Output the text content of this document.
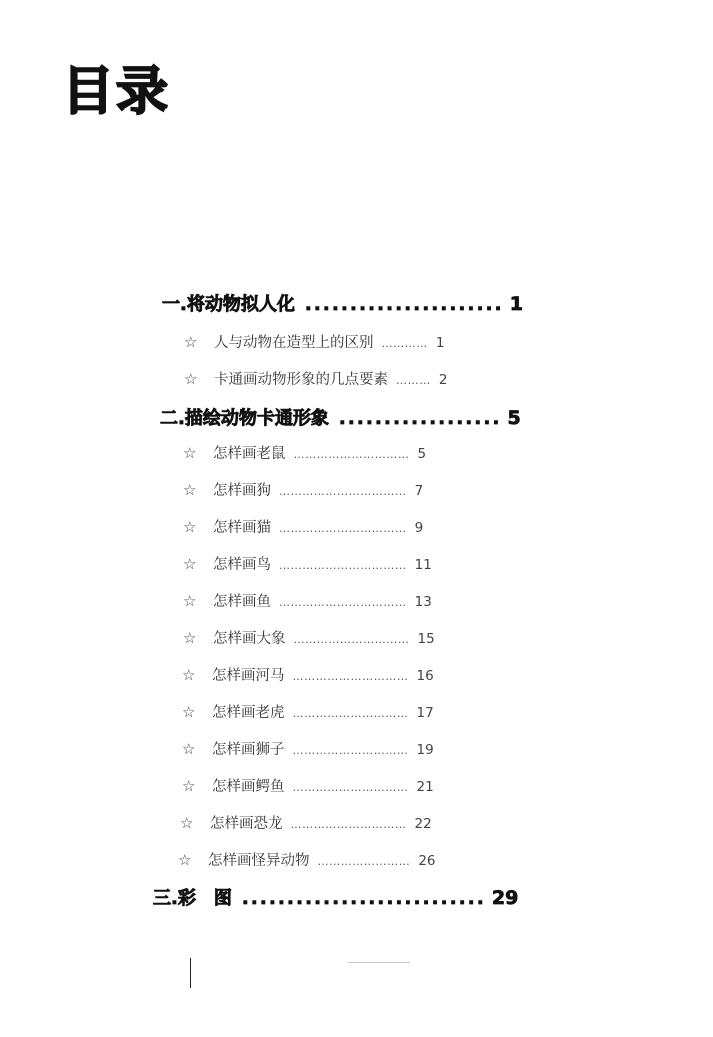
目录
一.将动物拟人化 ...................... 1
☆	人与动物在造型上的区别 ………… 1
☆	卡通画动物形象的几点要素 ……… 2
二.描绘动物卡通形象 .................. 5
☆	怎样画老鼠 ………………………… 5
☆	怎样画狗 …………………………… 7
☆	怎样画猫 …………………………… 9
☆	怎样画鸟 …………………………… 11
☆	怎样画鱼 …………………………… 13
☆	怎样画大象 ………………………… 15
☆	怎样画河马 ………………………… 16
☆	怎样画老虎 ………………………… 17
☆	怎样画狮子 ………………………… 19
☆	怎样画鳄鱼 ………………………… 21
☆	怎样画恐龙 ………………………… 22
☆	怎样画怪异动物 …………………… 26
三.彩　图 ........................... 29
